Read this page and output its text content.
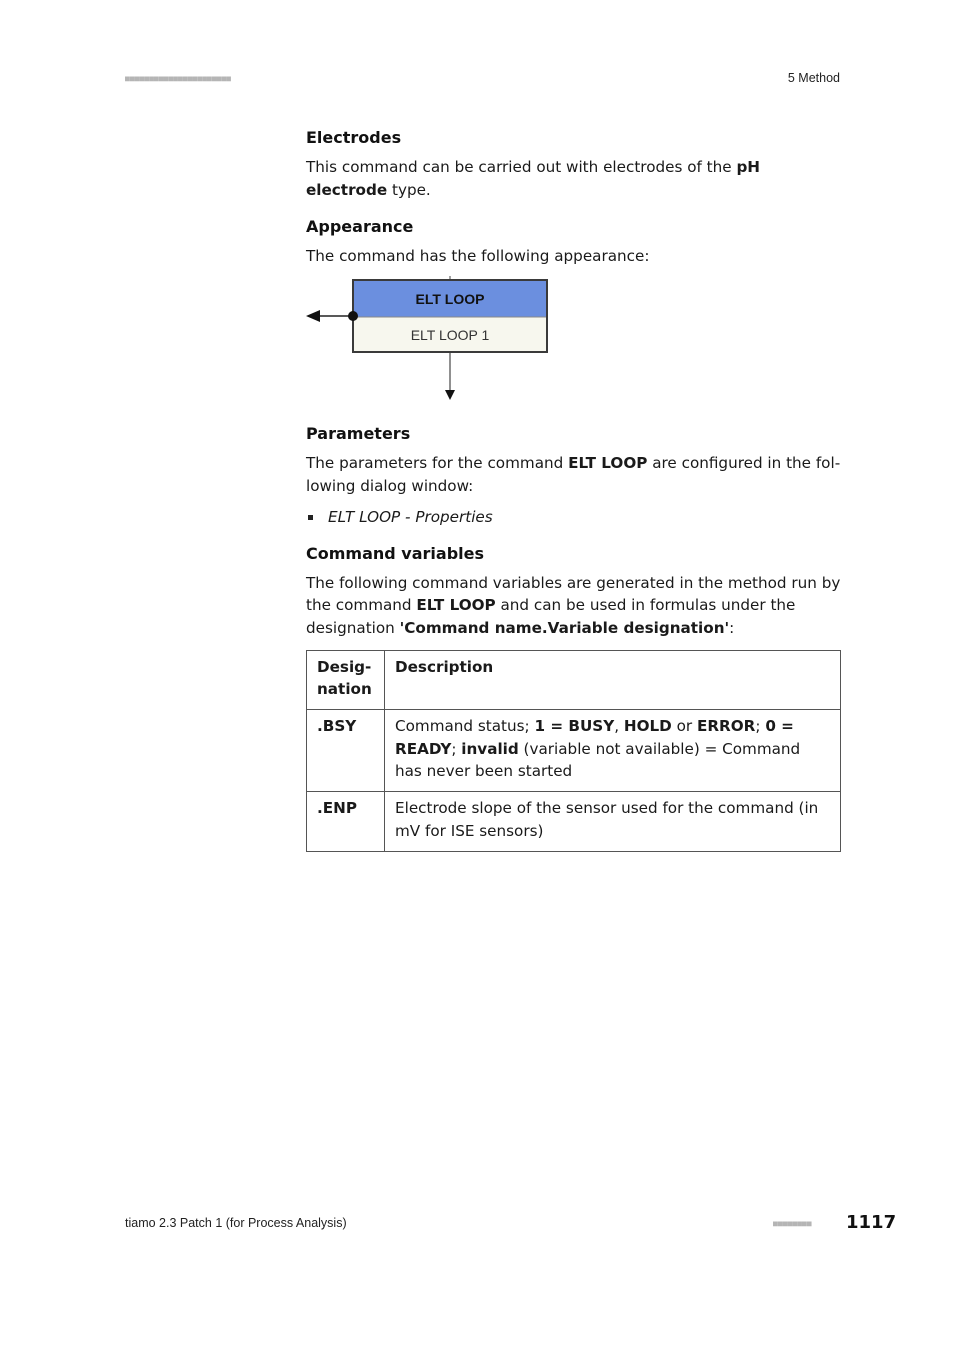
■■■■■■■■■■■■■■■■■■■■■■	5 Method
Electrodes

This command can be carried out with electrodes of the pH electrode type.

Appearance

The command has the following appearance:

ELT LOOP
ELT LOOP 1
Parameters

The parameters for the command ELT LOOP are configured in the fol-lowing dialog window:

ELT LOOP - Properties
Command variables

The following command variables are generated in the method run by the command ELT LOOP and can be used in formulas under the designation 'Command name.Variable designation':

Desig-nation	Description
.BSY	Command status; 1 = BUSY, HOLD or ERROR; 0 = READY; invalid (variable not available) = Command has never been started
.ENP	Electrode slope of the sensor used for the command (in mV for ISE sensors)
tiamo 2.3 Patch 1 (for Process Analysis)	■■■■■■■■ 1117
